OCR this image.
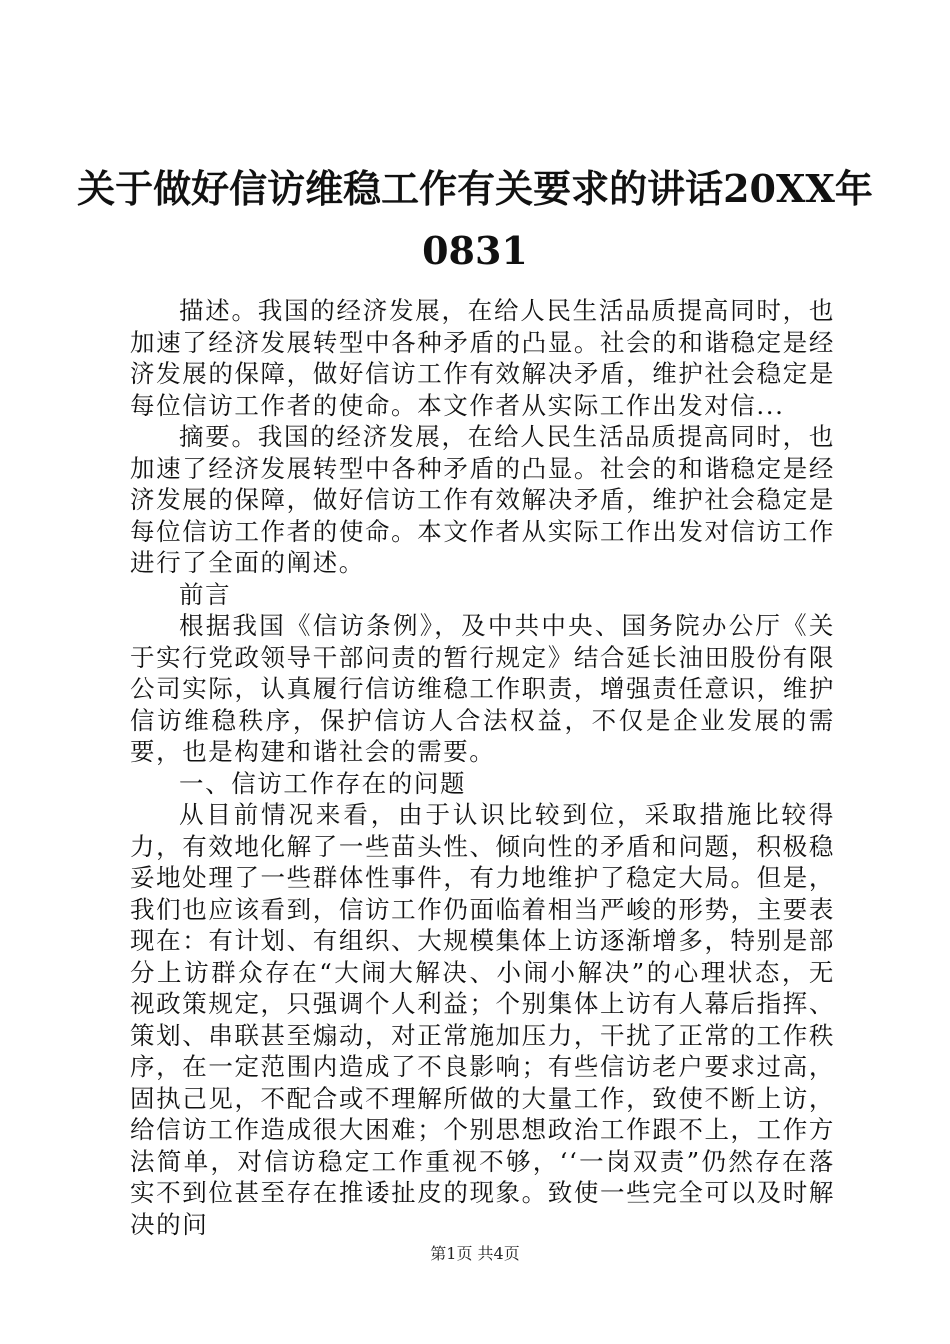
关于做好信访维稳工作有关要求的讲话20XX年0831

描述。我国的经济发展，在给人民生活品质提高同时，也加速了经济发展转型中各种矛盾的凸显。社会的和谐稳定是经济发展的保障，做好信访工作有效解决矛盾，维护社会稳定是每位信访工作者的使命。本文作者从实际工作出发对信...

摘要。我国的经济发展，在给人民生活品质提高同时，也加速了经济发展转型中各种矛盾的凸显。社会的和谐稳定是经济发展的保障，做好信访工作有效解决矛盾，维护社会稳定是每位信访工作者的使命。本文作者从实际工作出发对信访工作进行了全面的阐述。

前言

根据我国《信访条例》，及中共中央、国务院办公厅《关于实行党政领导干部问责的暂行规定》结合延长油田股份有限公司实际，认真履行信访维稳工作职责，增强责任意识，维护信访维稳秩序，保护信访人合法权益，不仅是企业发展的需要，也是构建和谐社会的需要。

一、信访工作存在的问题

从目前情况来看，由于认识比较到位，采取措施比较得力，有效地化解了一些苗头性、倾向性的矛盾和问题，积极稳妥地处理了一些群体性事件，有力地维护了稳定大局。但是，我们也应该看到，信访工作仍面临着相当严峻的形势，主要表现在：有计划、有组织、大规模集体上访逐渐增多，特别是部分上访群众存在“大闹大解决、小闹小解决”的心理状态，无视政策规定，只强调个人利益；个别集体上访有人幕后指挥、策划、串联甚至煽动，对正常施加压力，干扰了正常的工作秩序，在一定范围内造成了不良影响；有些信访老户要求过高，固执己见，不配合或不理解所做的大量工作，致使不断上访，给信访工作造成很大困难；个别思想政治工作跟不上，工作方法简单，对信访稳定工作重视不够，‘‘一岗双责”仍然存在落实不到位甚至存在推诿扯皮的现象。致使一些完全可以及时解决的问

第1页 共4页
